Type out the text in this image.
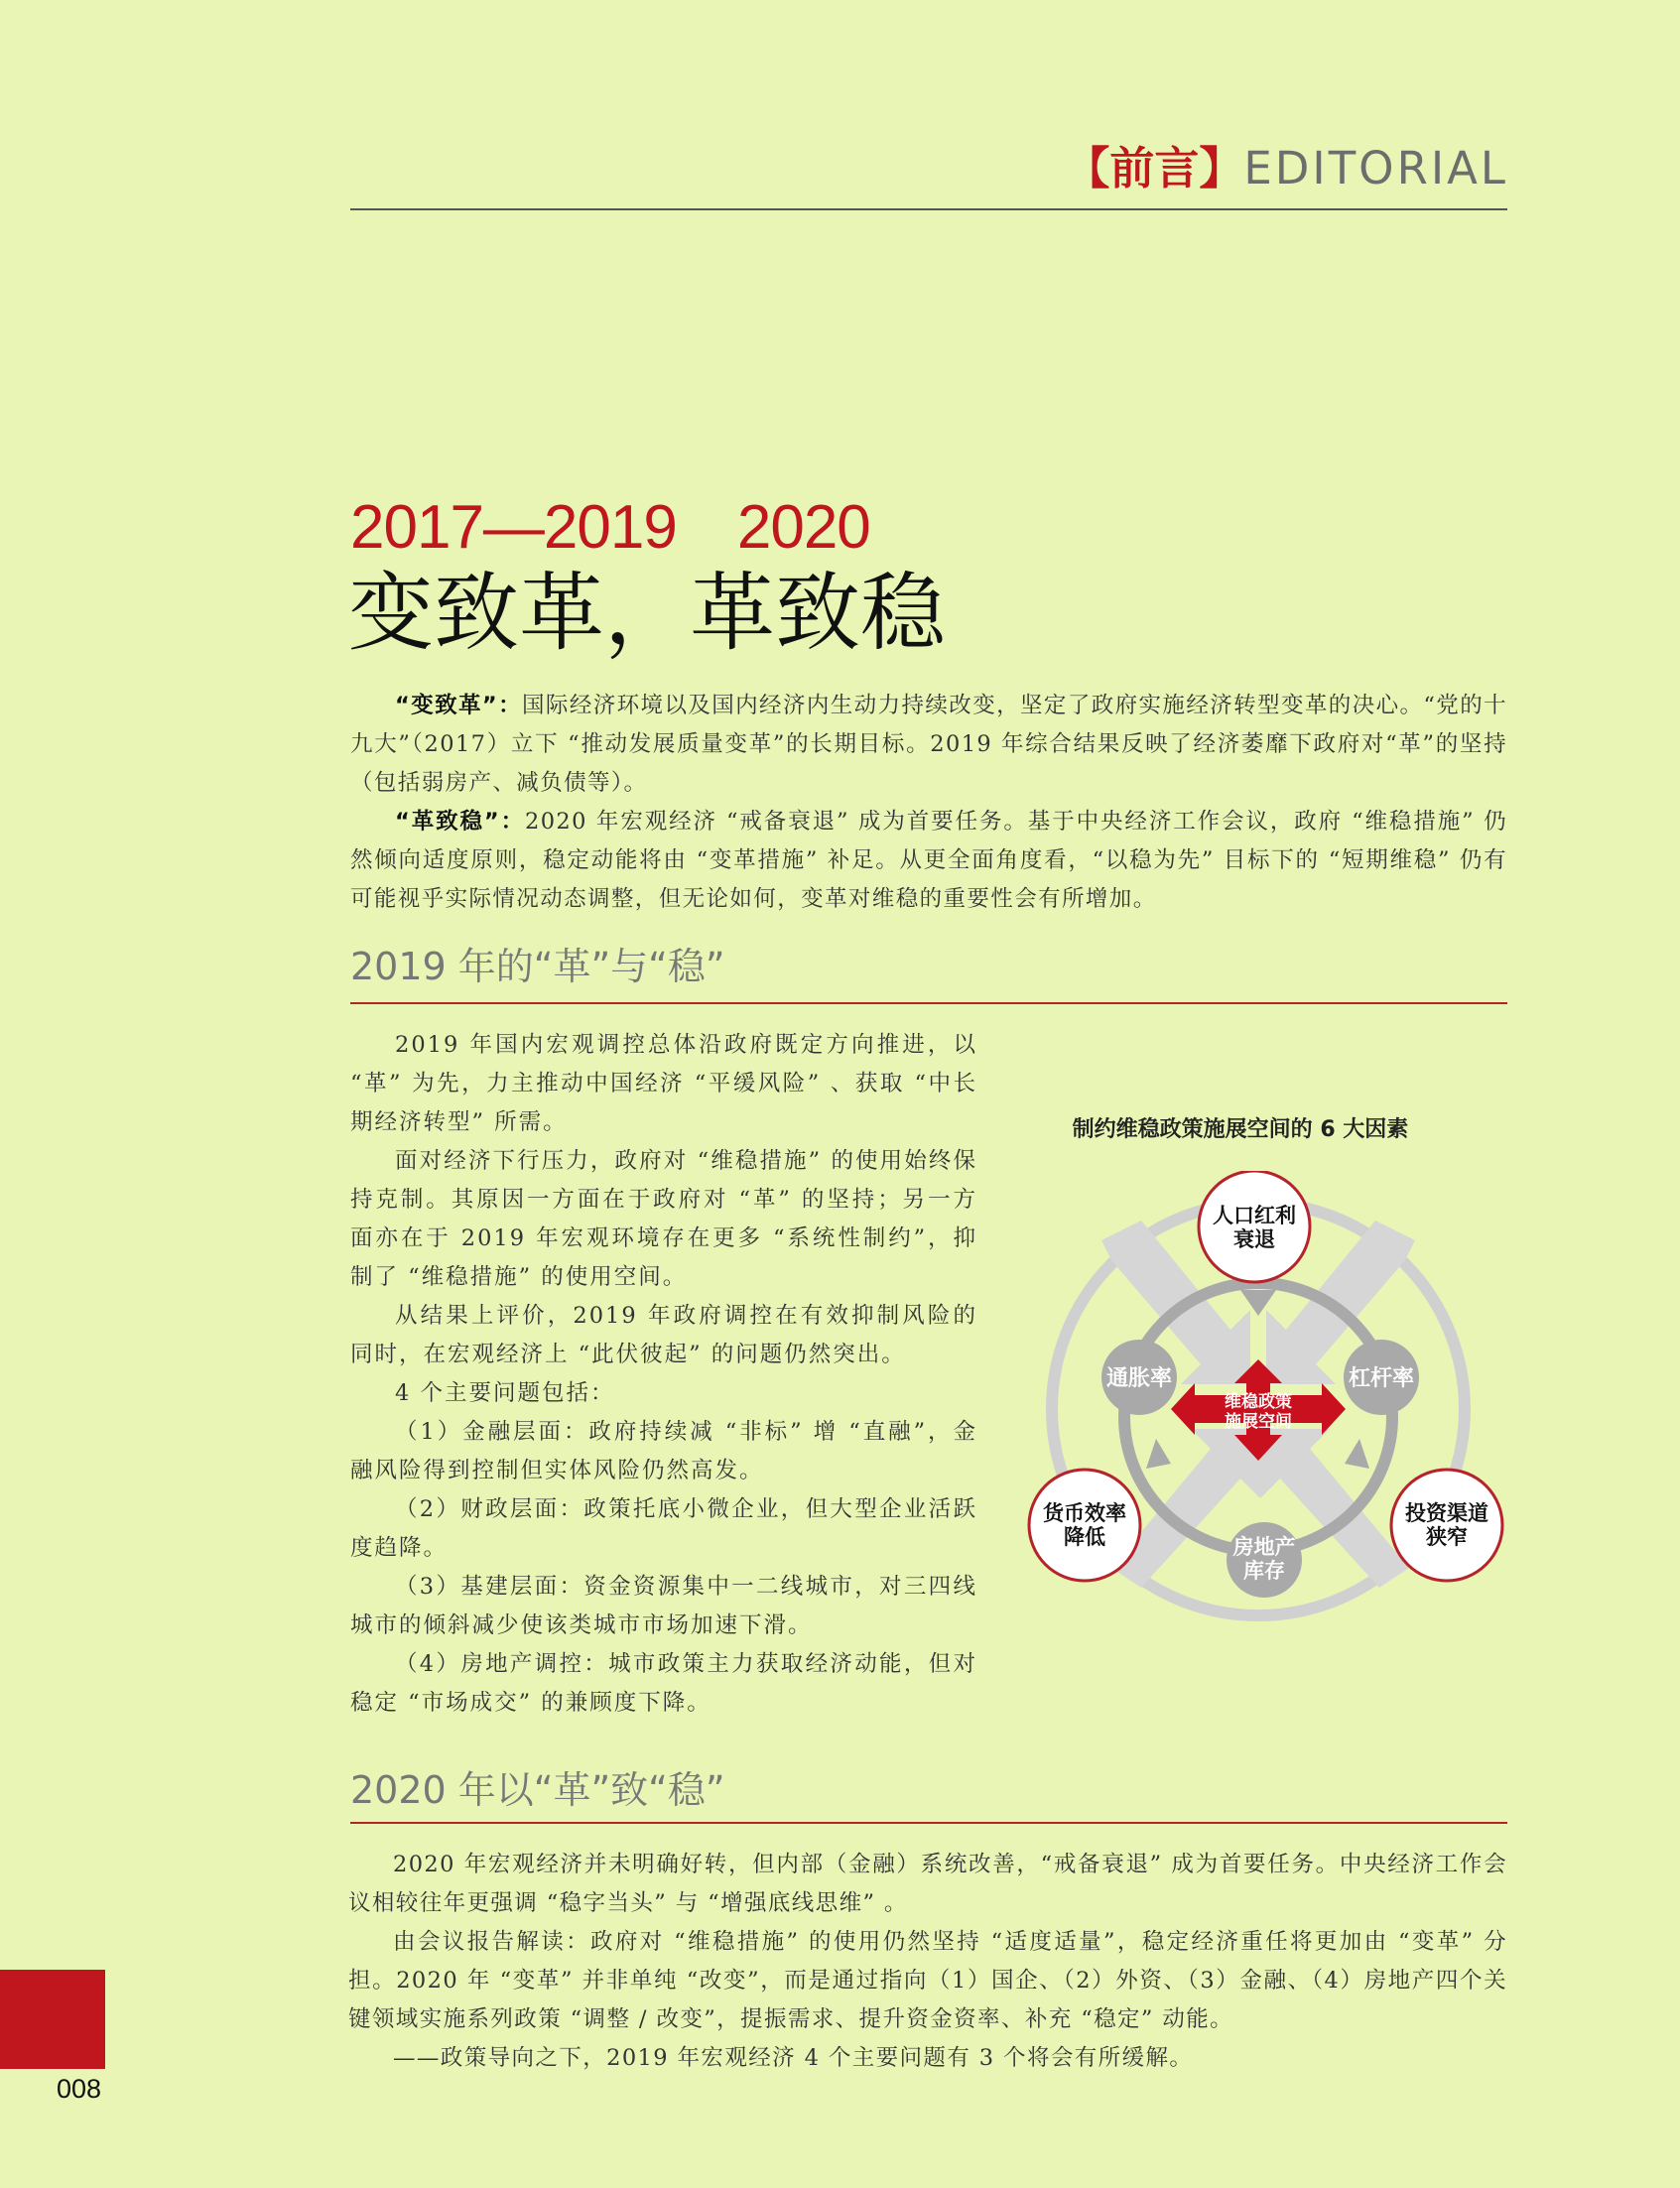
【前言】EDITORIAL
2017—2019　2020
变致革，革致稳
“变致革”：国际经济环境以及国内经济内生动力持续改变，坚定了政府实施经济转型变革的决心。“党的十九大”（2017）立下 “推动发展质量变革”的长期目标。2019 年综合结果反映了经济萎靡下政府对“革”的坚持（包括弱房产、减负债等）。
“革致稳”：2020 年宏观经济 “戒备衰退” 成为首要任务。基于中央经济工作会议，政府 “维稳措施” 仍然倾向适度原则，稳定动能将由 “变革措施” 补足。从更全面角度看，“以稳为先” 目标下的 “短期维稳” 仍有可能视乎实际情况动态调整，但无论如何，变革对维稳的重要性会有所增加。
2019 年的“革”与“稳”
2019 年国内宏观调控总体沿政府既定方向推进，以 “革” 为先，力主推动中国经济 “平缓风险” 、获取 “中长期经济转型” 所需。
面对经济下行压力，政府对 “维稳措施” 的使用始终保持克制。其原因一方面在于政府对 “革” 的坚持；另一方面亦在于 2019 年宏观环境存在更多 “系统性制约”，抑制了 “维稳措施” 的使用空间。
从结果上评价，2019 年政府调控在有效抑制风险的同时，在宏观经济上 “此伏彼起” 的问题仍然突出。
4 个主要问题包括：
（1）金融层面：政府持续减 “非标” 增 “直融”，金融风险得到控制但实体风险仍然高发。
（2）财政层面：政策托底小微企业，但大型企业活跃度趋降。
（3）基建层面：资金资源集中一二线城市，对三四线城市的倾斜减少使该类城市市场加速下滑。
（4）房地产调控：城市政策主力获取经济动能，但对稳定 “市场成交” 的兼顾度下降。
制约维稳政策施展空间的 6 大因素
维稳政策
施展空间
通胀率	杠杆率
房地产
库存
人口红利
衰退
货币效率
降低
投资渠道
狭窄
2020 年以“革”致“稳”
2020 年宏观经济并未明确好转，但内部（金融）系统改善，“戒备衰退” 成为首要任务。中央经济工作会议相较往年更强调 “稳字当头” 与 “增强底线思维” 。
由会议报告解读：政府对 “维稳措施” 的使用仍然坚持 “适度适量”，稳定经济重任将更加由 “变革” 分担。2020 年 “变革” 并非单纯 “改变”，而是通过指向（1）国企、（2）外资、（3）金融、（4）房地产四个关键领域实施系列政策 “调整 / 改变”，提振需求、提升资金资率、补充 “稳定” 动能。
——政策导向之下，2019 年宏观经济 4 个主要问题有 3 个将会有所缓解。
008
